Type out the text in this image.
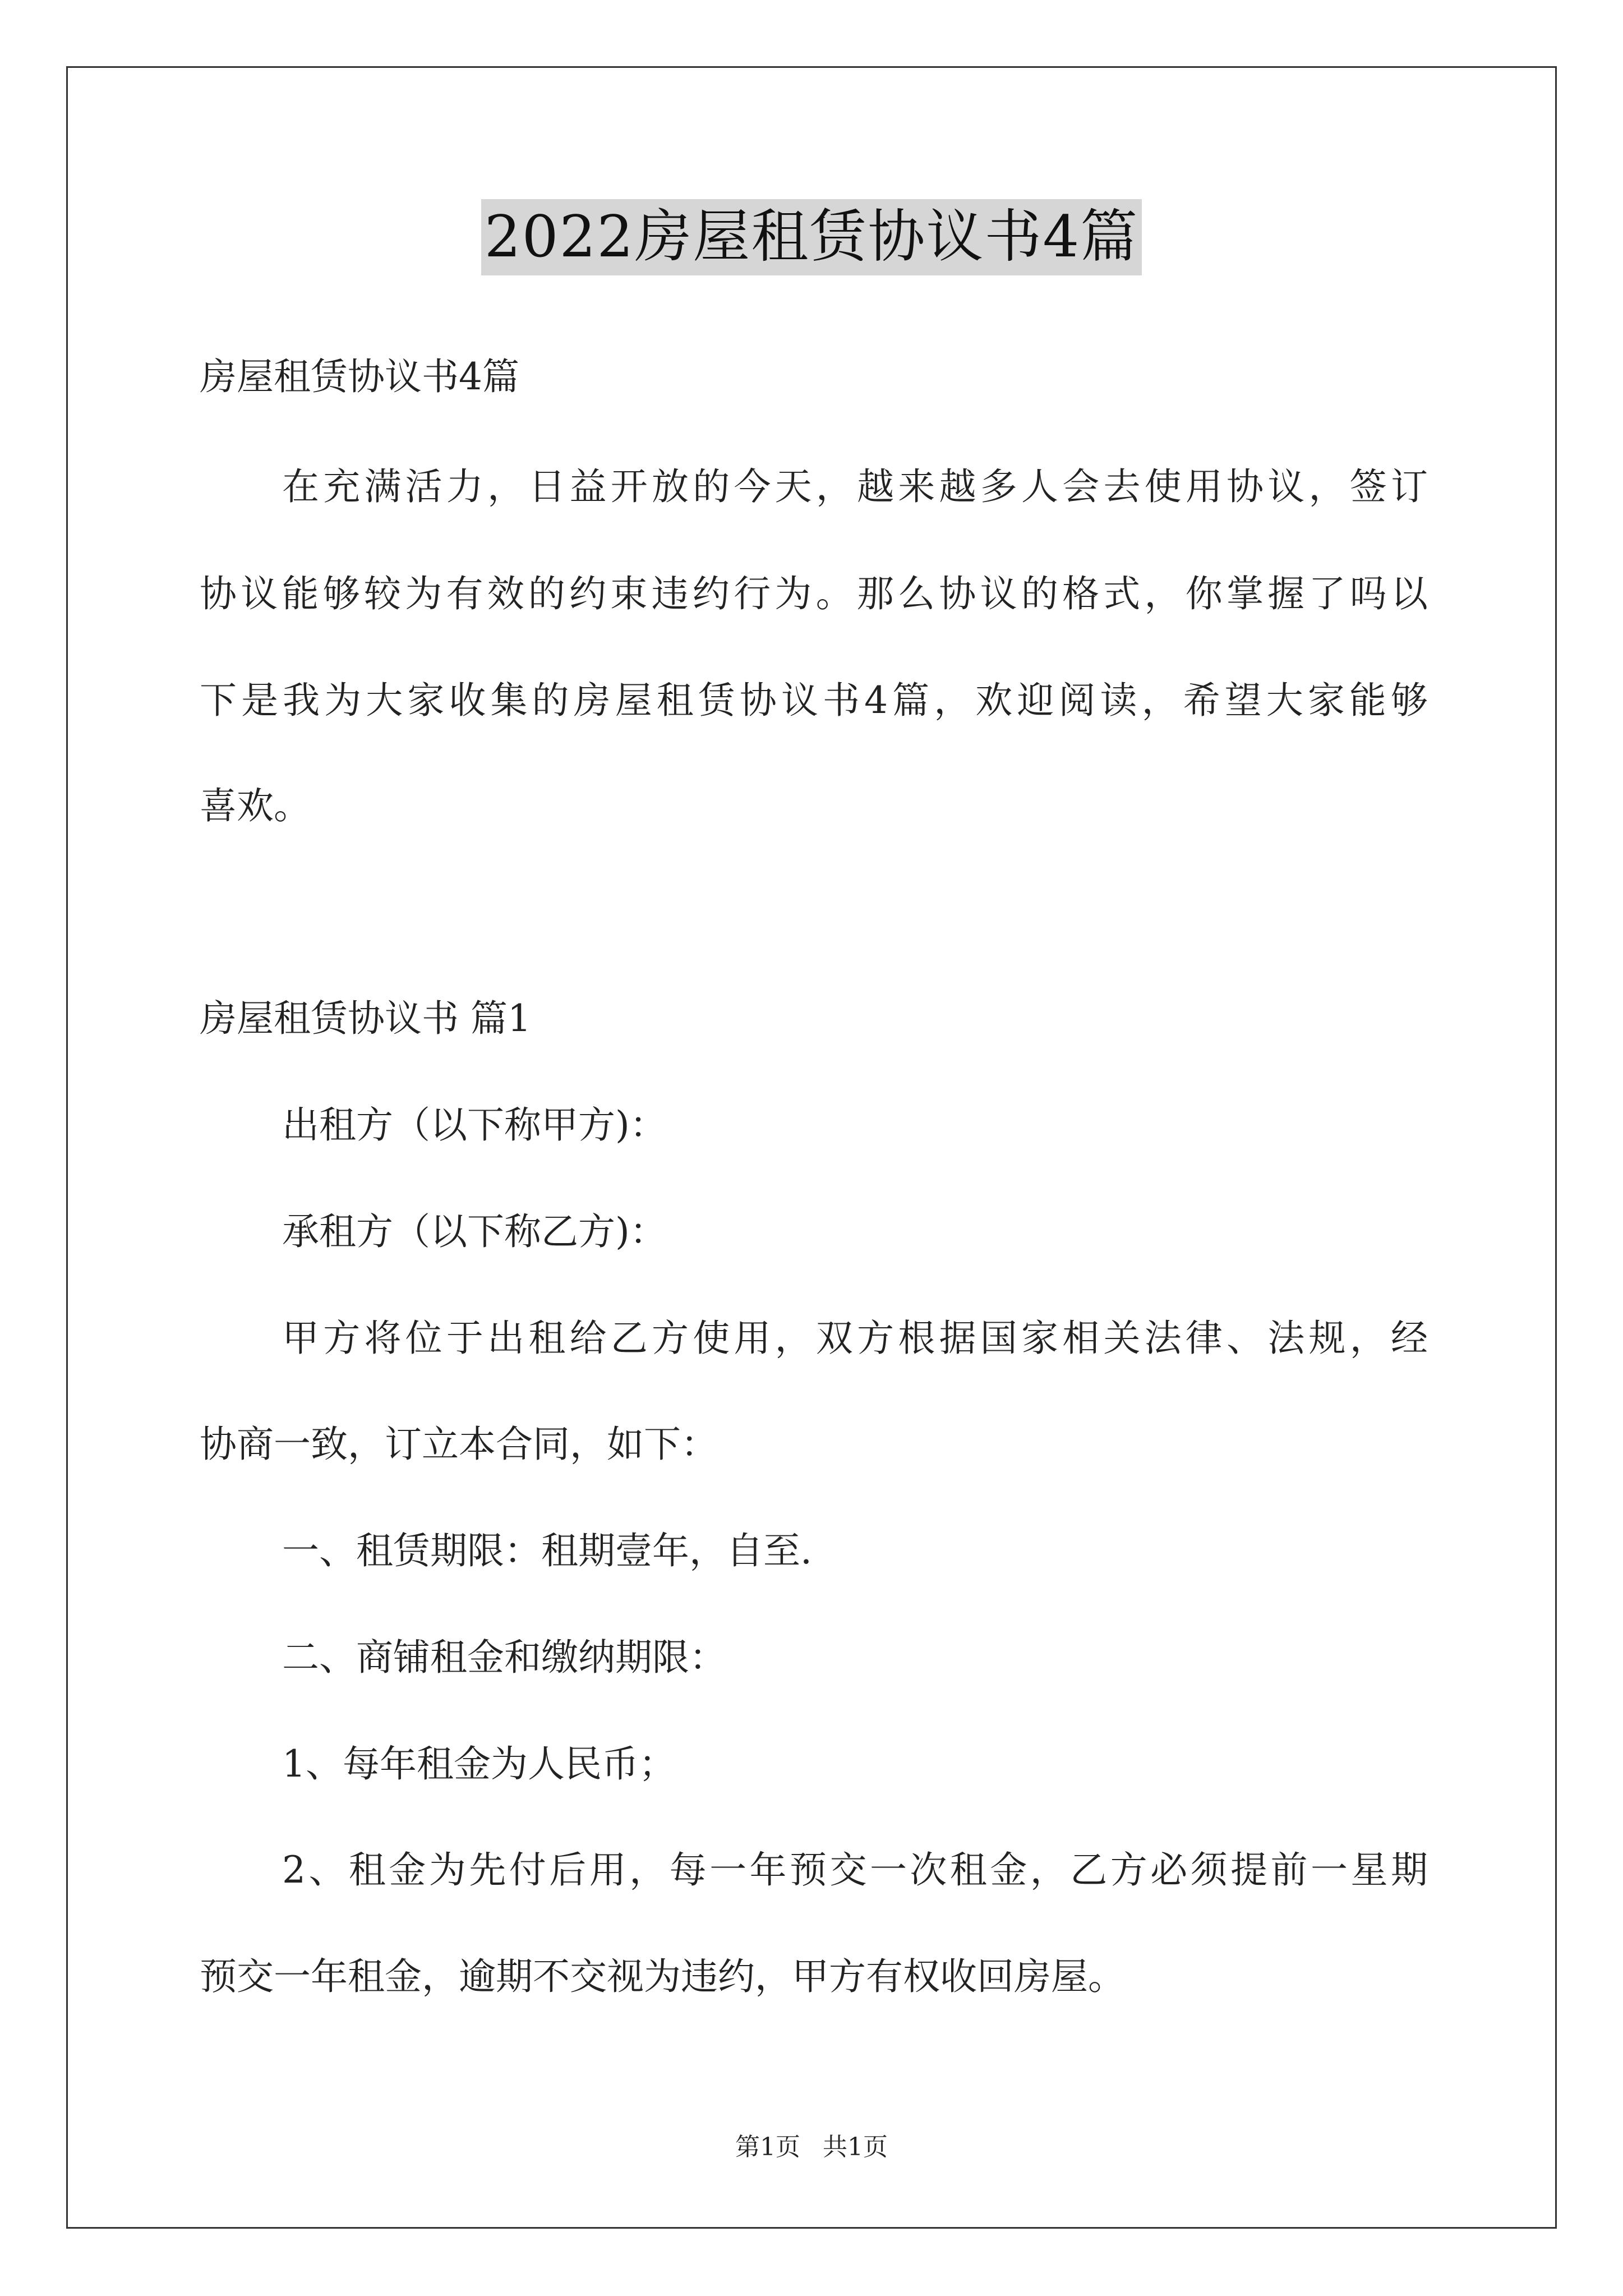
2022房屋租赁协议书4篇
房屋租赁协议书4篇
在充满活力，日益开放的今天，越来越多人会去使用协议，签订
协议能够较为有效的约束违约行为。那么协议的格式，你掌握了吗以
下是我为大家收集的房屋租赁协议书4篇，欢迎阅读，希望大家能够
喜欢。
房屋租赁协议书 篇1
出租方（以下称甲方)：
承租方（以下称乙方)：
甲方将位于出租给乙方使用，双方根据国家相关法律、法规，经
协商一致，订立本合同，如下：
一、租赁期限：租期壹年，自至.
二、商铺租金和缴纳期限：
1、每年租金为人民币；
2、租金为先付后用，每一年预交一次租金，乙方必须提前一星期
预交一年租金，逾期不交视为违约，甲方有权收回房屋。
第1页 共1页
